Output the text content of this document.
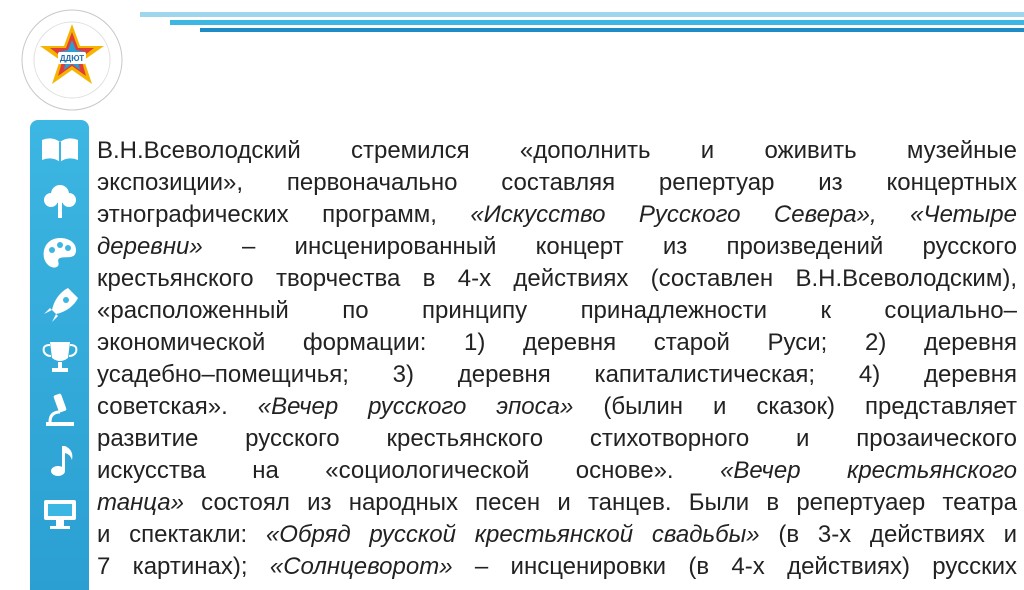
ДДЮТ
В.Н.Всеволодский стремился «дополнить и оживить музейные
экспозиции», первоначально составляя репертуар из концертных
этнографических программ, «Искусство Русского Севера», «Четыре
деревни» – инсценированный концерт из произведений русского
крестьянского творчества в 4-х действиях (составлен В.Н.Всеволодским),
«расположенный по принципу принадлежности к социально–
экономической формации: 1) деревня старой Руси; 2) деревня
усадебно–помещичья; 3) деревня капиталистическая; 4) деревня
советская». «Вечер русского эпоса» (былин и сказок) представляет
развитие русского крестьянского стихотворного и прозаического
искусства на «социологической основе». «Вечер крестьянского
танца» состоял из народных песен и танцев. Были в репертуаер театра
и спектакли: «Обряд русской крестьянской свадьбы» (в 3-х действиях и
7 картинах); «Солнцеворот» – инсценировки (в 4-х действиях) русских
